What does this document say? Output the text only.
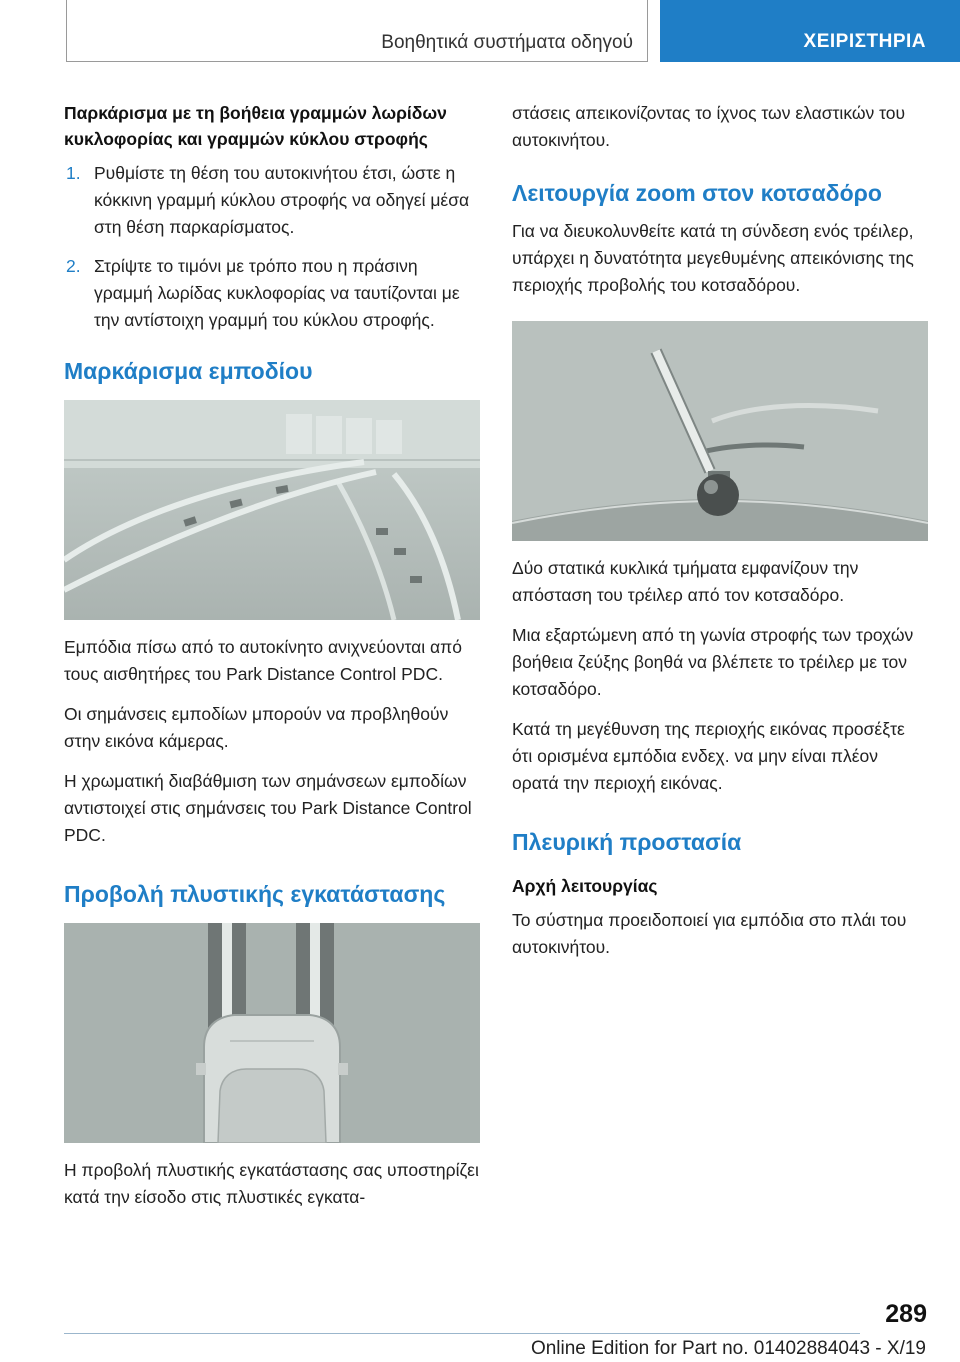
Βοηθητικά συστήματα οδηγού	ΧΕΙΡΙΣΤΗΡΙΑ
Παρκάρισμα με τη βοήθεια γραμμών λωρίδων κυκλοφορίας και γραμμών κύκλου στροφής
1. Ρυθμίστε τη θέση του αυτοκινήτου έτσι, ώστε η κόκκινη γραμμή κύκλου στροφής να οδηγεί μέσα στη θέση παρκαρίσματος.
2. Στρίψτε το τιμόνι με τρόπο που η πράσινη γραμμή λωρίδας κυκλοφορίας να ταυτίζονται με την αντίστοιχη γραμμή του κύκλου στροφής.
Μαρκάρισμα εμποδίου

Εμπόδια πίσω από το αυτοκίνητο ανιχνεύονται από τους αισθητήρες του Park Distance Control PDC.

Οι σημάνσεις εμποδίων μπορούν να προβληθούν στην εικόνα κάμερας.

Η χρωματική διαβάθμιση των σημάνσεων εμποδίων αντιστοιχεί στις σημάνσεις του Park Distance Control PDC.

Προβολή πλυστικής εγκατάστασης

Η προβολή πλυστικής εγκατάστασης σας υποστηρίζει κατά την είσοδο στις πλυστικές εγκατα-

στάσεις απεικονίζοντας το ίχνος των ελαστικών του αυτοκινήτου.

Λειτουργία zoom στον κοτσαδόρο

Για να διευκολυνθείτε κατά τη σύνδεση ενός τρέιλερ, υπάρχει η δυνατότητα μεγεθυμένης απεικόνισης της περιοχής προβολής του κοτσαδόρου.

Δύο στατικά κυκλικά τμήματα εμφανίζουν την απόσταση του τρέιλερ από τον κοτσαδόρο.

Μια εξαρτώμενη από τη γωνία στροφής των τροχών βοήθεια ζεύξης βοηθά να βλέπετε το τρέιλερ με τον κοτσαδόρο.

Κατά τη μεγέθυνση της περιοχής εικόνας προσέξτε ότι ορισμένα εμπόδια ενδεχ. να μην είναι πλέον ορατά την περιοχή εικόνας.

Πλευρική προστασία
Αρχή λειτουργίας

Το σύστημα προειδοποιεί για εμπόδια στο πλάι του αυτοκινήτου.

289
Online Edition for Part no. 01402884043 - X/19
